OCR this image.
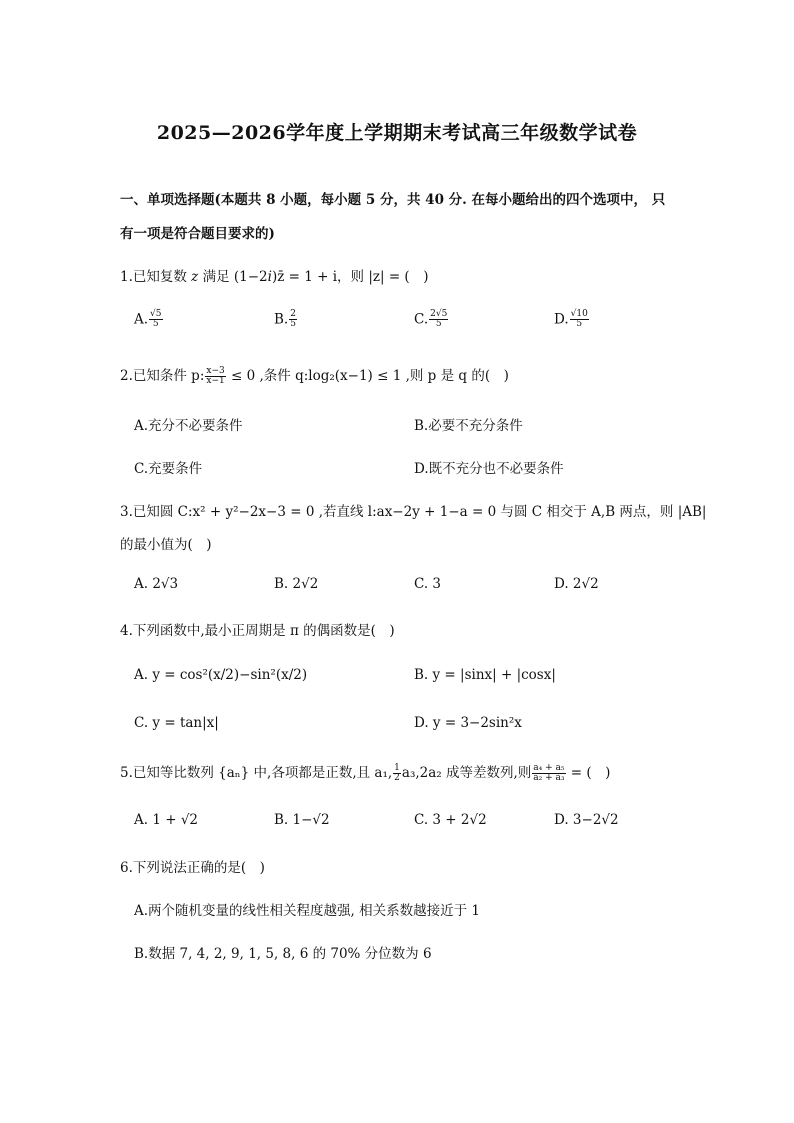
2025—2026学年度上学期期末考试高三年级数学试卷
一、单项选择题(本题共 8 小题，每小题 5 分，共 40 分. 在每小题给出的四个选项中， 只
有一项是符合题目要求的)
1.已知复数 z 满足 (1−2i)z̄ = 1 + i，则 |z| = (　)
A. $\frac{√5}{5}$	B. $\frac{2}{5}$	C. $\frac{2√5}{5}$	D. $\frac{√10}{5}$
2.已知条件 p: $\frac{x-3}{x-1} \le 0$ ,条件 q:log₂(x−1) ≤ 1 ,则 p 是 q 的(　)
A.充分不必要条件	B.必要不充分条件
C.充要条件	D.既不充分也不必要条件
3.已知圆 C:x² + y²−2x−3 = 0 ,若直线 l:ax−2y + 1−a = 0 与圆 C 相交于 A,B 两点，则 |AB|
的最小值为(　)
A. 2√3	B. 2√2	C. 3	D. 2√2
4.下列函数中,最小正周期是 π 的偶函数是(　)
A. y = cos²(x/2)−sin²(x/2)	B. y = |sinx| + |cosx|
C. y = tan|x|	D. y = 3−2sin²x
5.已知等比数列 {aₙ} 中,各项都是正数,且 a₁, $\frac{1}{2} a_3,2a_2$ 成等差数列,则 $\frac{\text{a₄ + a₅}}{\text{a₂ + a₃}}$ = (　)
A. 1 + √2	B. 1−√2	C. 3 + 2√2	D. 3−2√2
6.下列说法正确的是(　)
A.两个随机变量的线性相关程度越强, 相关系数越接近于 1
B.数据 7, 4, 2, 9, 1, 5, 8, 6 的 70% 分位数为 6
